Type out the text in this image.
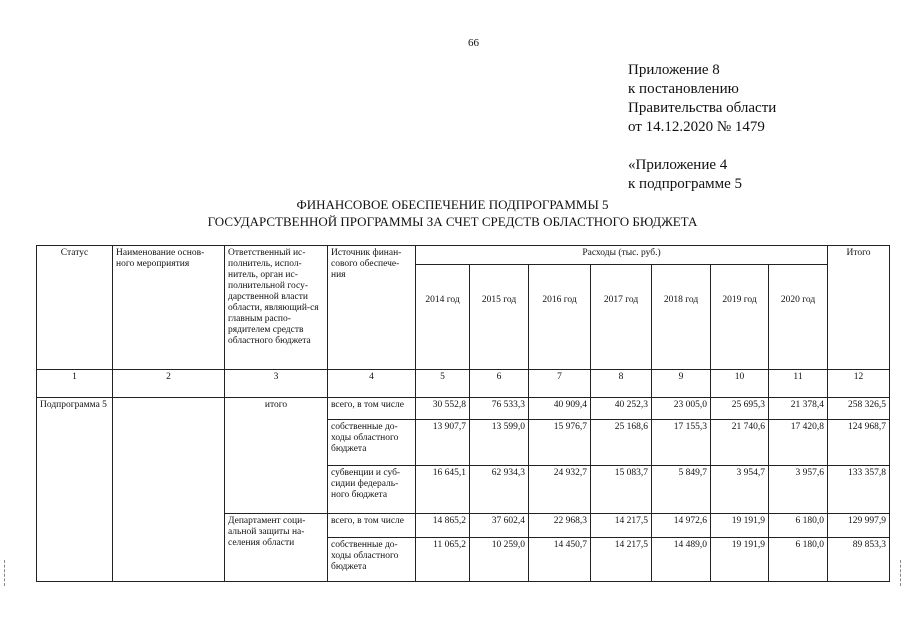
66
Приложение 8
к постановлению
Правительства области
от 14.12.2020 № 1479
«Приложение 4
к подпрограмме 5
ФИНАНСОВОЕ ОБЕСПЕЧЕНИЕ ПОДПРОГРАММЫ 5
ГОСУДАРСТВЕННОЙ ПРОГРАММЫ ЗА СЧЕТ СРЕДСТВ ОБЛАСТНОГО БЮДЖЕТА
Статус	Наименование основ-ного мероприятия	Ответственный ис-полнитель, испол-нитель, орган ис-полнительной госу-дарственной власти области, являющий-ся главным распо-рядителем средств областного бюджета	Источник финан-сового обеспече-ния	Расходы (тыс. руб.)							Итого
				2014 год	2015 год	2016 год	2017 год	2018 год	2019 год	2020 год	
1	2	3	4	5	6	7	8	9	10	11	12
Подпрограмма 5		итого	всего, в том числе	30 552,8	76 533,3	40 909,4	40 252,3	23 005,0	25 695,3	21 378,4	258 326,5
			собственные до-ходы областного бюджета	13 907,7	13 599,0	15 976,7	25 168,6	17 155,3	21 740,6	17 420,8	124 968,7
			субвенции и суб-сидии федераль-ного бюджета	16 645,1	62 934,3	24 932,7	15 083,7	5 849,7	3 954,7	3 957,6	133 357,8
		Департамент соци-альной защиты на-селения области	всего, в том числе	14 865,2	37 602,4	22 968,3	14 217,5	14 972,6	19 191,9	6 180,0	129 997,9
			собственные до-ходы областного бюджета	11 065,2	10 259,0	14 450,7	14 217,5	14 489,0	19 191,9	6 180,0	89 853,3
